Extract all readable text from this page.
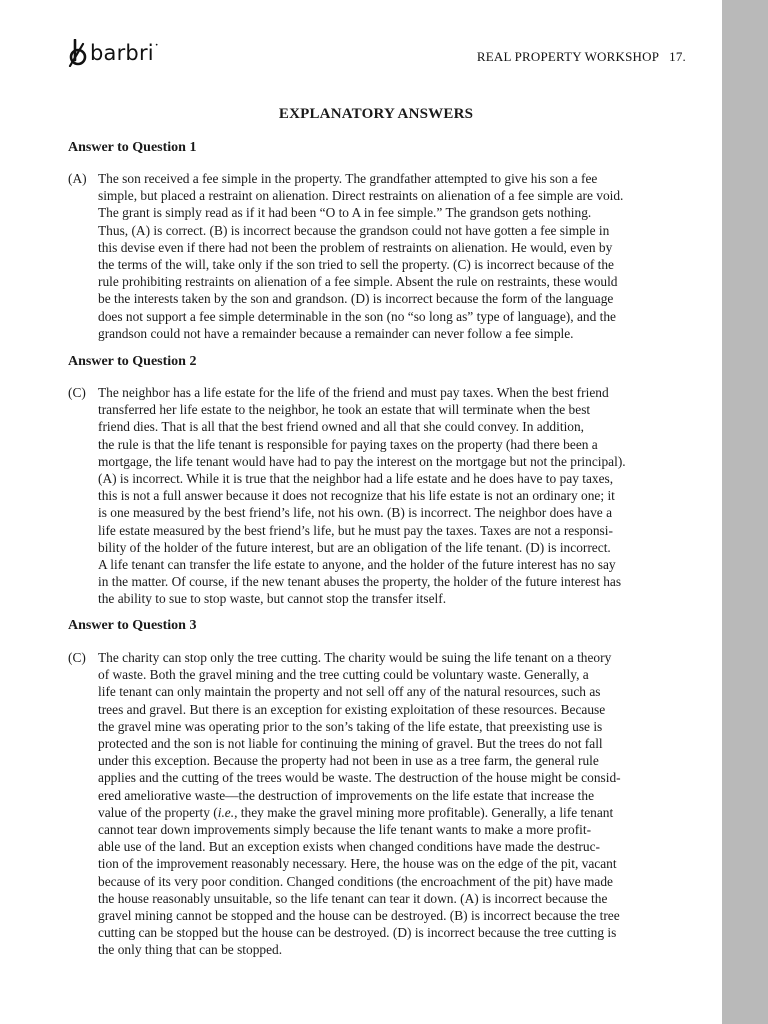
barbri•
REAL PROPERTY WORKSHOP 17.
EXPLANATORY ANSWERS
Answer to Question 1
(A) The son received a fee simple in the property. The grandfather attempted to give his son a fee
simple, but placed a restraint on alienation. Direct restraints on alienation of a fee simple are void.
The grant is simply read as if it had been “O to A in fee simple.” The grandson gets nothing.
Thus, (A) is correct. (B) is incorrect because the grandson could not have gotten a fee simple in
this devise even if there had not been the problem of restraints on alienation. He would, even by
the terms of the will, take only if the son tried to sell the property. (C) is incorrect because of the
rule prohibiting restraints on alienation of a fee simple. Absent the rule on restraints, these would
be the interests taken by the son and grandson. (D) is incorrect because the form of the language
does not support a fee simple determinable in the son (no “so long as” type of language), and the
grandson could not have a remainder because a remainder can never follow a fee simple.
Answer to Question 2
(C) The neighbor has a life estate for the life of the friend and must pay taxes. When the best friend
transferred her life estate to the neighbor, he took an estate that will terminate when the best
friend dies. That is all that the best friend owned and all that she could convey. In addition,
the rule is that the life tenant is responsible for paying taxes on the property (had there been a
mortgage, the life tenant would have had to pay the interest on the mortgage but not the principal).
(A) is incorrect. While it is true that the neighbor had a life estate and he does have to pay taxes,
this is not a full answer because it does not recognize that his life estate is not an ordinary one; it
is one measured by the best friend’s life, not his own. (B) is incorrect. The neighbor does have a
life estate measured by the best friend’s life, but he must pay the taxes. Taxes are not a responsi-
bility of the holder of the future interest, but are an obligation of the life tenant. (D) is incorrect.
A life tenant can transfer the life estate to anyone, and the holder of the future interest has no say
in the matter. Of course, if the new tenant abuses the property, the holder of the future interest has
the ability to sue to stop waste, but cannot stop the transfer itself.
Answer to Question 3
(C) The charity can stop only the tree cutting. The charity would be suing the life tenant on a theory
of waste. Both the gravel mining and the tree cutting could be voluntary waste. Generally, a
life tenant can only maintain the property and not sell off any of the natural resources, such as
trees and gravel. But there is an exception for existing exploitation of these resources. Because
the gravel mine was operating prior to the son’s taking of the life estate, that preexisting use is
protected and the son is not liable for continuing the mining of gravel. But the trees do not fall
under this exception. Because the property had not been in use as a tree farm, the general rule
applies and the cutting of the trees would be waste. The destruction of the house might be consid-
ered ameliorative waste—the destruction of improvements on the life estate that increase the
value of the property (i.e., they make the gravel mining more profitable). Generally, a life tenant
cannot tear down improvements simply because the life tenant wants to make a more profit-
able use of the land. But an exception exists when changed conditions have made the destruc-
tion of the improvement reasonably necessary. Here, the house was on the edge of the pit, vacant
because of its very poor condition. Changed conditions (the encroachment of the pit) have made
the house reasonably unsuitable, so the life tenant can tear it down. (A) is incorrect because the
gravel mining cannot be stopped and the house can be destroyed. (B) is incorrect because the tree
cutting can be stopped but the house can be destroyed. (D) is incorrect because the tree cutting is
the only thing that can be stopped.
